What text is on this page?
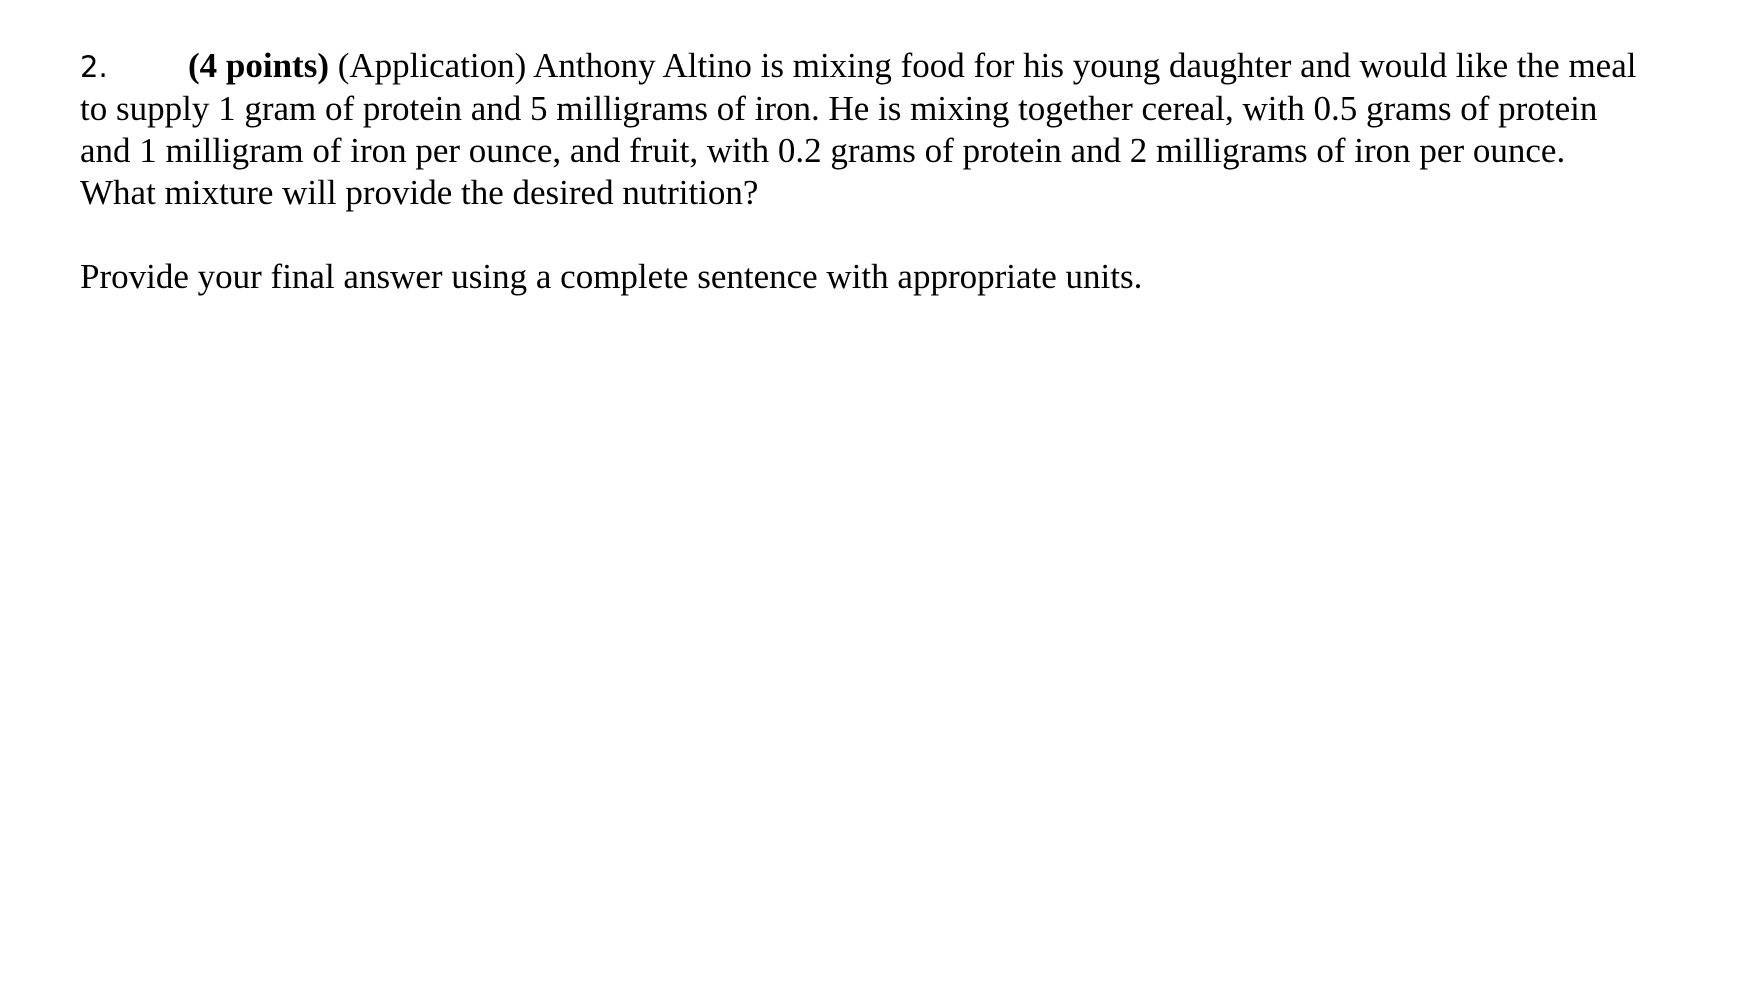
2. (4 points) (Application) Anthony Altino is mixing food for his young daughter and would like the meal to supply 1 gram of protein and 5 milligrams of iron. He is mixing together cereal, with 0.5 grams of protein and 1 milligram of iron per ounce, and fruit, with 0.2 grams of protein and 2 milligrams of iron per ounce. What mixture will provide the desired nutrition?
Provide your final answer using a complete sentence with appropriate units.
